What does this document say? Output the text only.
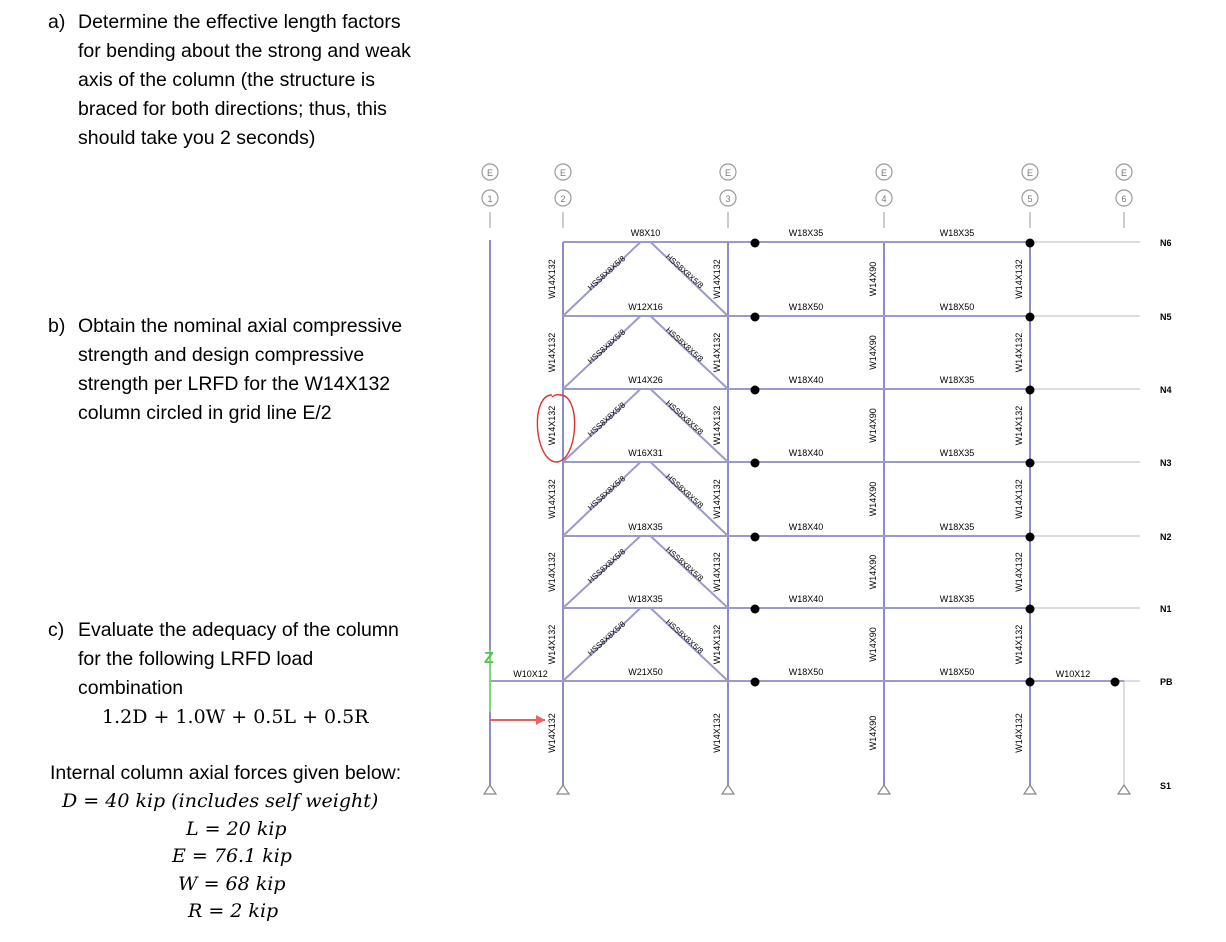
a) Determine the effective length factors
for bending about the strong and weak
axis of the column (the structure is
braced for both directions; thus, this
should take you 2 seconds)
b) Obtain the nominal axial compressive
strength and design compressive
strength per LRFD for the W14X132
column circled in grid line E/2
c) Evaluate the adequacy of the column
for the following LRFD load
combination
1.2D + 1.0W + 0.5L + 0.5R
Internal column axial forces given below:
D = 40 kip (includes self weight)
L = 20 kip
E = 76.1 kip
W = 68 kip
R = 2 kip
E
1
E
2
E
3
E
4
E
5
E
6
HSS8X8X5/8	HSS8X8X5/8
HSS8X8X5/8	HSS8X8X5/8
HSS8X8X5/8	HSS8X8X5/8
HSS8X8X5/8	HSS8X8X5/8
HSS8X8X5/8	HSS8X8X5/8
HSS8X8X5/8	HSS8X8X5/8
N6
N5
N4
N3
N2
N1
PB
S1
W8X10
W12X16
W14X26
W16X31
W18X35
W18X35
W21X50
W18X35
W18X50
W18X40
W18X40
W18X40
W18X40
W18X50
W18X35
W18X50
W18X35
W18X35
W18X35
W18X35
W18X50
W10X12	W10X12
W14X132
W14X132
W14X132
W14X132
W14X132
W14X132
W14X132
W14X132
W14X132
W14X132
W14X132
W14X132
W14X132
W14X132
W14X90
W14X90
W14X90
W14X90
W14X90
W14X90
W14X90
W14X132
W14X132
W14X132
W14X132
W14X132
W14X132
W14X132
Z
